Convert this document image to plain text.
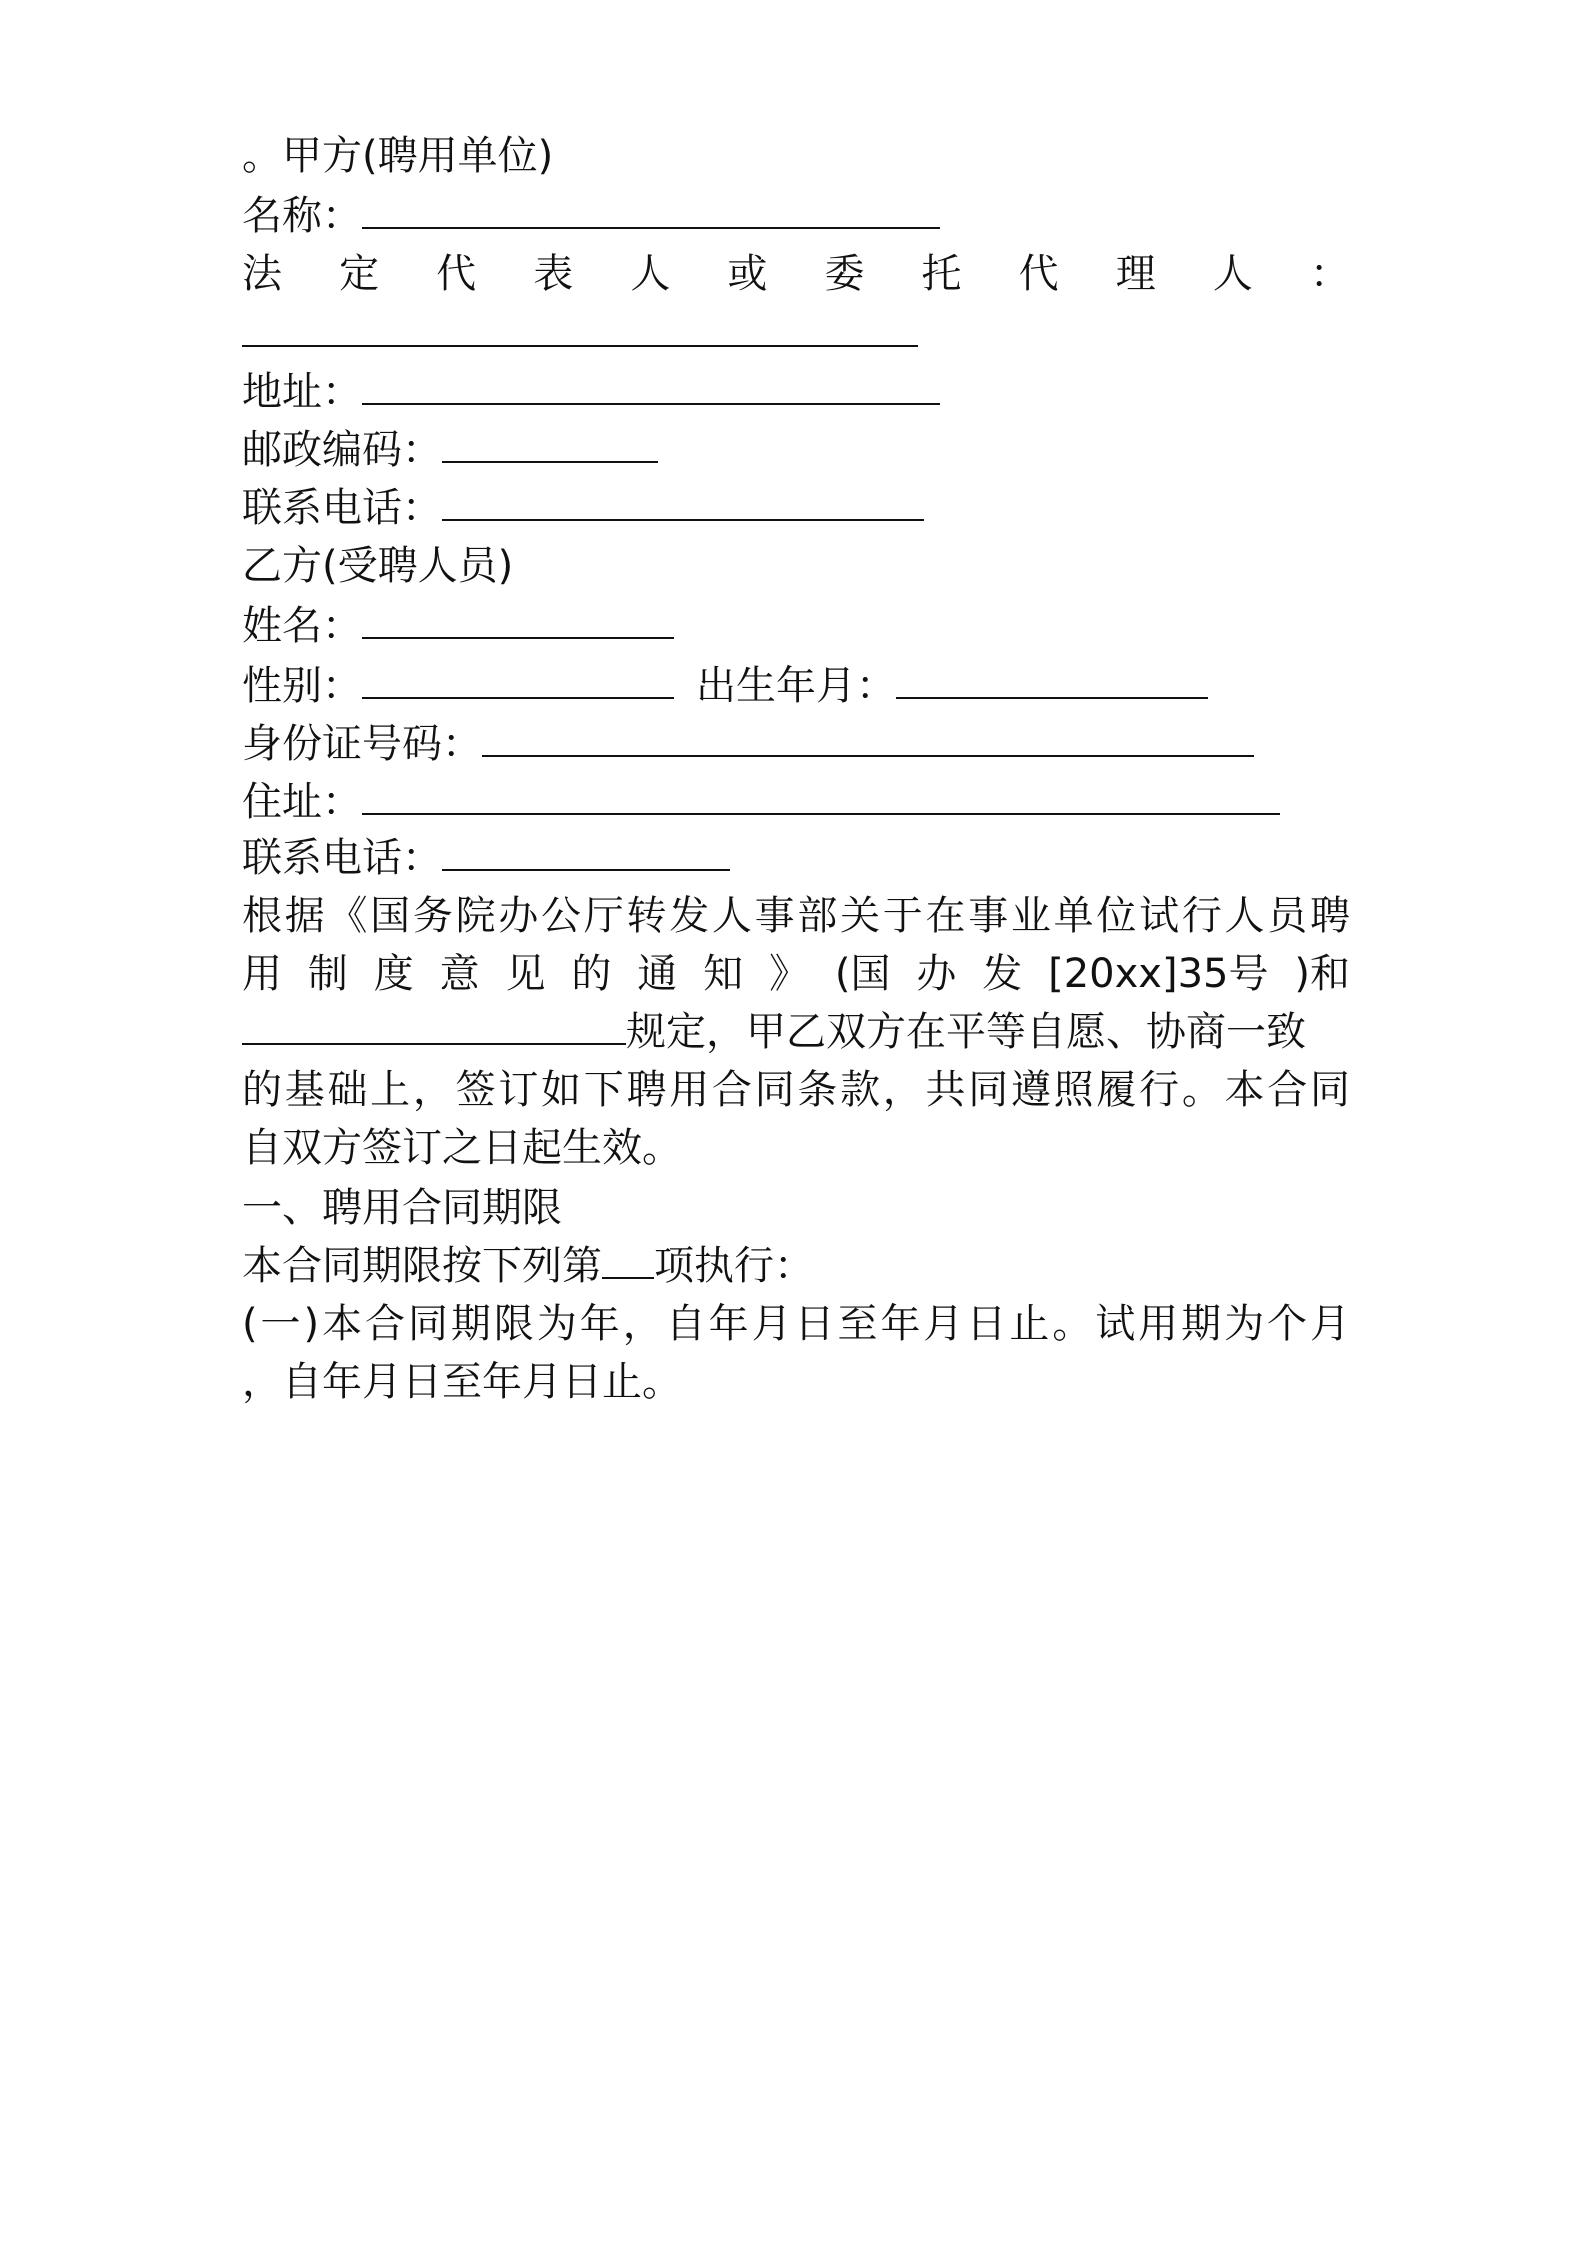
。甲方(聘用单位)
名称：
法 定 代 表 人 或 委 托 代 理 人 ：
地址：
邮政编码：
联系电话：
乙方(受聘人员)
姓名：
性别：	出生年月：
身份证号码：
住址：
联系电话：
根据《国务院办公厅转发人事部关于在事业单位试行人员聘
用 制 度 意 见 的 通 知 》 (国 办 发 [20xx]35号 )和
规定，甲乙双方在平等自愿、协商一致
的基础上，签订如下聘用合同条款，共同遵照履行。本合同
自双方签订之日起生效。
一、聘用合同期限
本合同期限按下列第 项执行：
(一)本合同期限为年，自年月日至年月日止。试用期为个月
，自年月日至年月日止。
